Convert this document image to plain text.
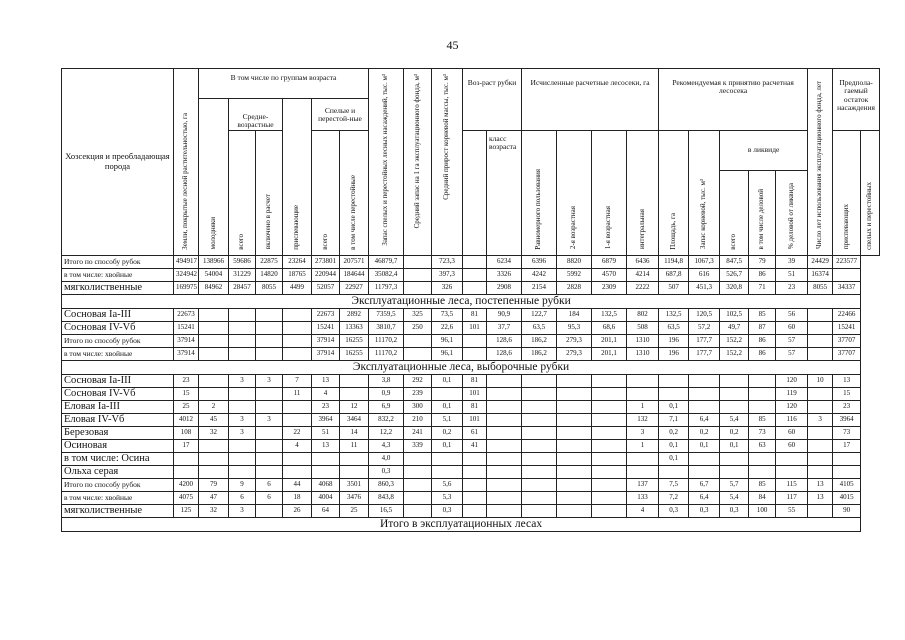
45
Хозсекция и преобладающая порода	Земли, покрытые лесной растительностью, га	В том числе по группам возраста						Запас спелых и перестойных лесных насаждений, тыс. м³	Средний запас на 1 га эксплуатационного фонда, м³	Средний прирост корневой массы, тыс. м³	Воз-раст рубки		Исчисленные расчетные лесосеки, га				Рекомендуемая к принятию расчетная лесосека					Число лет использования эксплуатационного фонда, лет	Предпола-гаемый остаток насаждения	
		молодняки	Средне-возрастные		приспевающие	Спелые и перестой-ные																		
			всего	включено в расчет		всего	в том числе перестойные					класс возраста	Равномерного пользования	2-я возрастная	1-я возрастная	интегральная	Площадь, га	Запас корневой, тыс. м³	в ликвиде				приспевающих	спелых и перестойных
																			всего	в том числе деловой	% деловой от ликвида			
Итого по способу рубок	494917	138966	59686	22875	23264	273801	207571	46879,7		723,3		6234	6396	8820	6879	6436	1194,8	1067,3	847,5	79	39	24429	223577	
в том числе: хвойные	324942	54004	31229	14820	18765	220944	184644	35082,4		397,3		3326	4242	5992	4570	4214	687,8	616	526,7	86	51	16374		
мягколиственные	169975	84962	28457	8055	4499	52057	22927	11797,3		326		2908	2154	2828	2309	2222	507	451,3	320,8	71	23	8055	34337	
Эксплуатационные леса, постепенные рубки																								
Сосновая Ia-III	22673					22673	2892	7359,5	325	73,5	81	90,9	122,7	184	132,5	802	132,5	120,5	102,5	85	56		22466	
Сосновая IV-Vб	15241					15241	13363	3810,7	250	22,6	101	37,7	63,5	95,3	68,6	508	63,5	57,2	49,7	87	60		15241	
Итого по способу рубок	37914					37914	16255	11170,2		96,1		128,6	186,2	279,3	201,1	1310	196	177,7	152,2	86	57		37707	
в том числе: хвойные	37914					37914	16255	11170,2		96,1		128,6	186,2	279,3	201,1	1310	196	177,7	152,2	86	57		37707	
Эксплуатационные леса, выборочные рубки																								
Сосновая Ia-III	23		3	3	7	13		3,8	292	0,1	81										120	10	13	
Сосновая IV-Vб	15				11	4		0,9	239		101										119		15	
Еловая Ia-III	25	2				23	12	6,9	300	0,1	81					1	0,1				120		23	
Еловая IV-Vб	4012	45	3	3		3964	3464	832,2	210	5,1	101					132	7,1	6,4	5,4	85	116	3	3964	
Березовая	108	32	3		22	51	14	12,2	241	0,2	61					3	0,2	0,2	0,2	73	60		73	
Осиновая	17				4	13	11	4,3	339	0,1	41					1	0,1	0,1	0,1	63	60		17	
в том числе: Осина								4,0									0,1							
Ольха серая								0,3																
Итого по способу рубок	4200	79	9	6	44	4068	3501	860,3		5,6						137	7,5	6,7	5,7	85	115	13	4105	
в том числе: хвойные	4075	47	6	6	18	4004	3476	843,8		5,3						133	7,2	6,4	5,4	84	117	13	4015	
мягколиственные	125	32	3		26	64	25	16,5		0,3						4	0,3	0,3	0,3	100	55		90	
Итого в эксплуатационных лесах																								
